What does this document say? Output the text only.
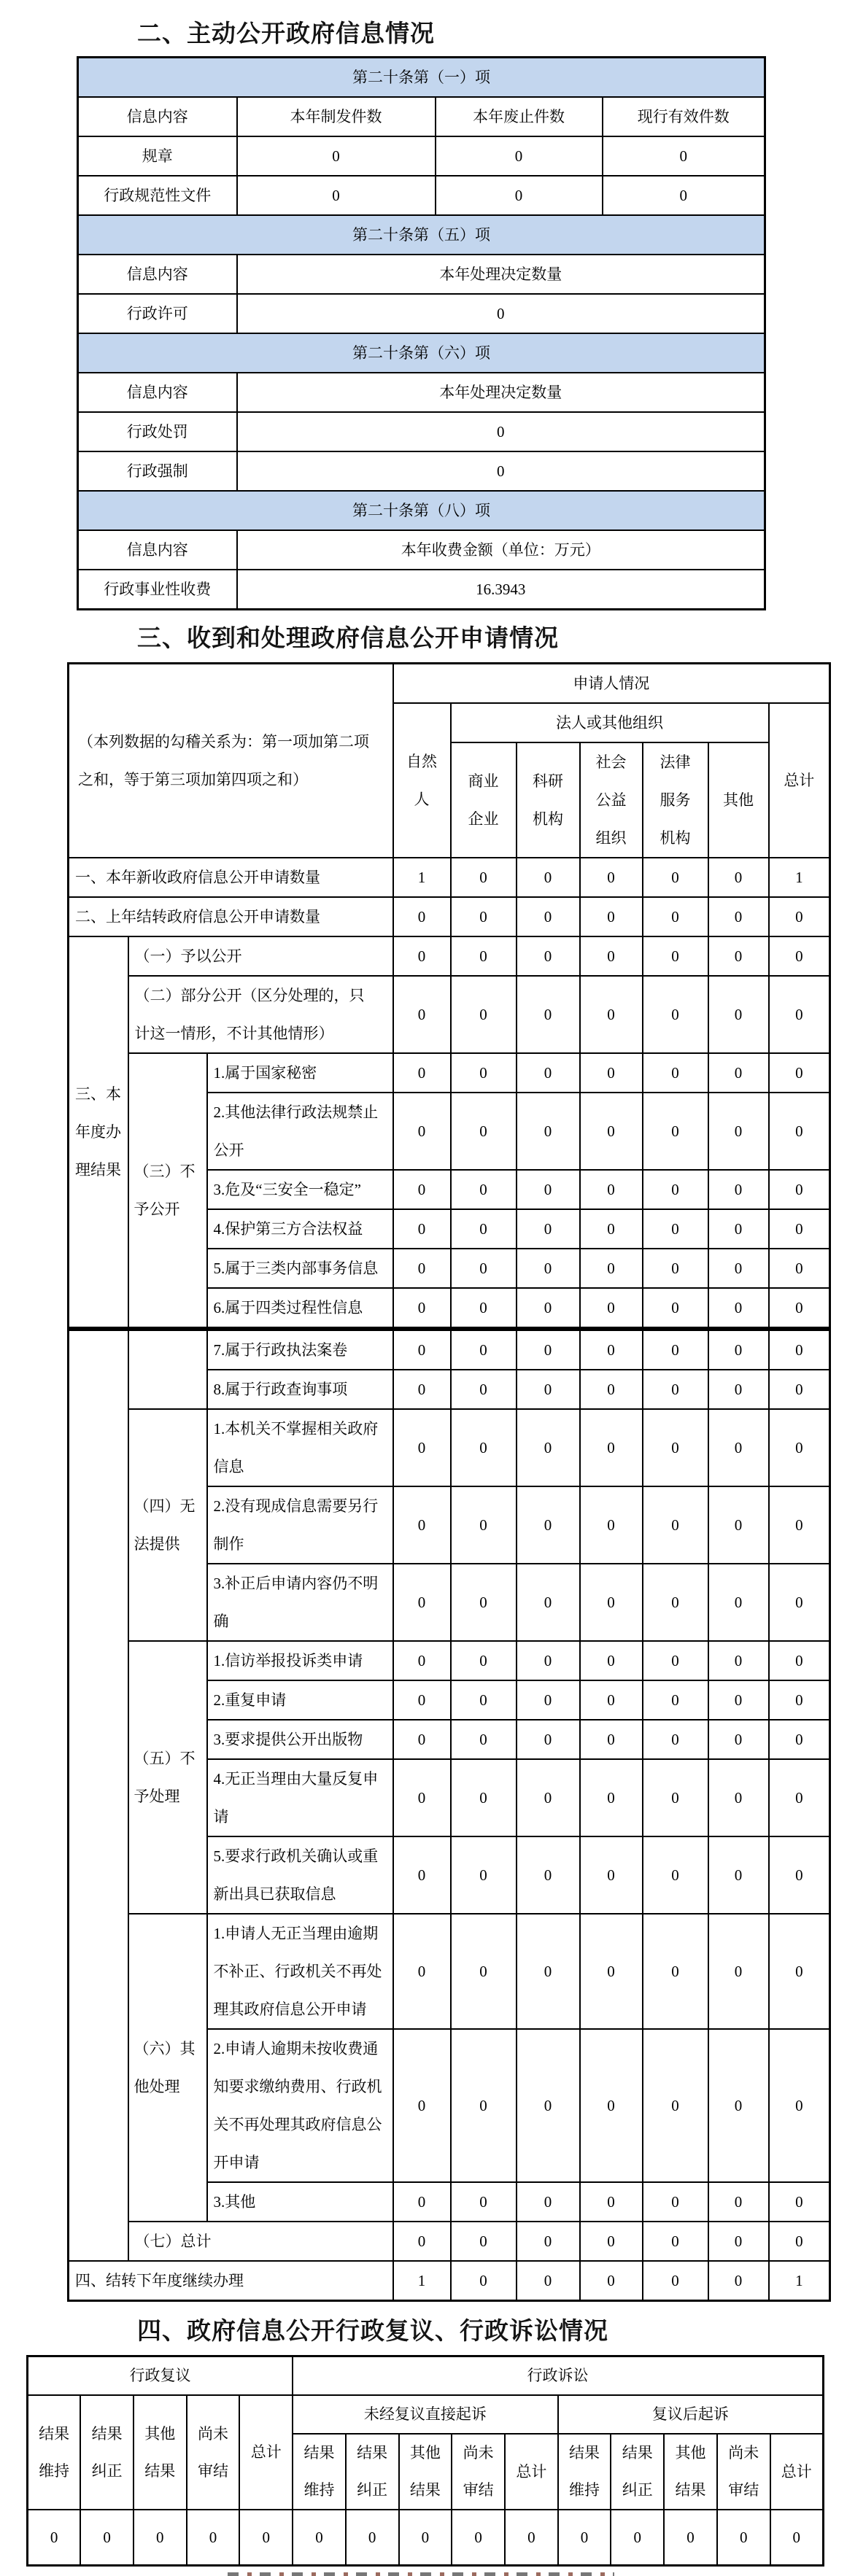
二、主动公开政府信息情况
第二十条第（一）项			
信息内容	本年制发件数	本年废止件数	现行有效件数
规章	0	0	0
行政规范性文件	0	0	0
第二十条第（五）项			
信息内容	本年处理决定数量		
行政许可	0		
第二十条第（六）项			
信息内容	本年处理决定数量		
行政处罚	0		
行政强制	0		
第二十条第（八）项			
信息内容	本年收费金额（单位：万元）		
行政事业性收费	16.3943		
三、收到和处理政府信息公开申请情况
（本列数据的勾稽关系为：第一项加第二项之和，等于第三项加第四项之和）			申请人情况						
			自然人	法人或其他组织					总计
				商业企业	科研机构	社会公益组织	法律服务机构	其他	
一、本年新收政府信息公开申请数量			1	0	0	0	0	0	1
二、上年结转政府信息公开申请数量			0	0	0	0	0	0	0
三、本年度办理结果	（一）予以公开		0	0	0	0	0	0	0
	（二）部分公开（区分处理的，只计这一情形，不计其他情形）		0	0	0	0	0	0	0
	（三）不予公开	1.属于国家秘密	0	0	0	0	0	0	0
		2.其他法律行政法规禁止公开	0	0	0	0	0	0	0
		3.危及“三安全一稳定”	0	0	0	0	0	0	0
		4.保护第三方合法权益	0	0	0	0	0	0	0
		5.属于三类内部事务信息	0	0	0	0	0	0	0
		6.属于四类过程性信息	0	0	0	0	0	0	0
		7.属于行政执法案卷	0	0	0	0	0	0	0
		8.属于行政查询事项	0	0	0	0	0	0	0
	（四）无法提供	1.本机关不掌握相关政府信息	0	0	0	0	0	0	0
		2.没有现成信息需要另行制作	0	0	0	0	0	0	0
		3.补正后申请内容仍不明确	0	0	0	0	0	0	0
	（五）不予处理	1.信访举报投诉类申请	0	0	0	0	0	0	0
		2.重复申请	0	0	0	0	0	0	0
		3.要求提供公开出版物	0	0	0	0	0	0	0
		4.无正当理由大量反复申请	0	0	0	0	0	0	0
		5.要求行政机关确认或重新出具已获取信息	0	0	0	0	0	0	0
	（六）其他处理	1.申请人无正当理由逾期不补正、行政机关不再处理其政府信息公开申请	0	0	0	0	0	0	0
		2.申请人逾期未按收费通知要求缴纳费用、行政机关不再处理其政府信息公开申请	0	0	0	0	0	0	0
		3.其他	0	0	0	0	0	0	0
	（七）总计		0	0	0	0	0	0	0
四、结转下年度继续办理			1	0	0	0	0	0	1
四、政府信息公开行政复议、行政诉讼情况
行政复议					行政诉讼									
结果维持	结果纠正	其他结果	尚未审结	总计	未经复议直接起诉					复议后起诉				
					结果维持	结果纠正	其他结果	尚未审结	总计	结果维持	结果纠正	其他结果	尚未审结	总计
0	0	0	0	0	0	0	0	0	0	0	0	0	0	0
